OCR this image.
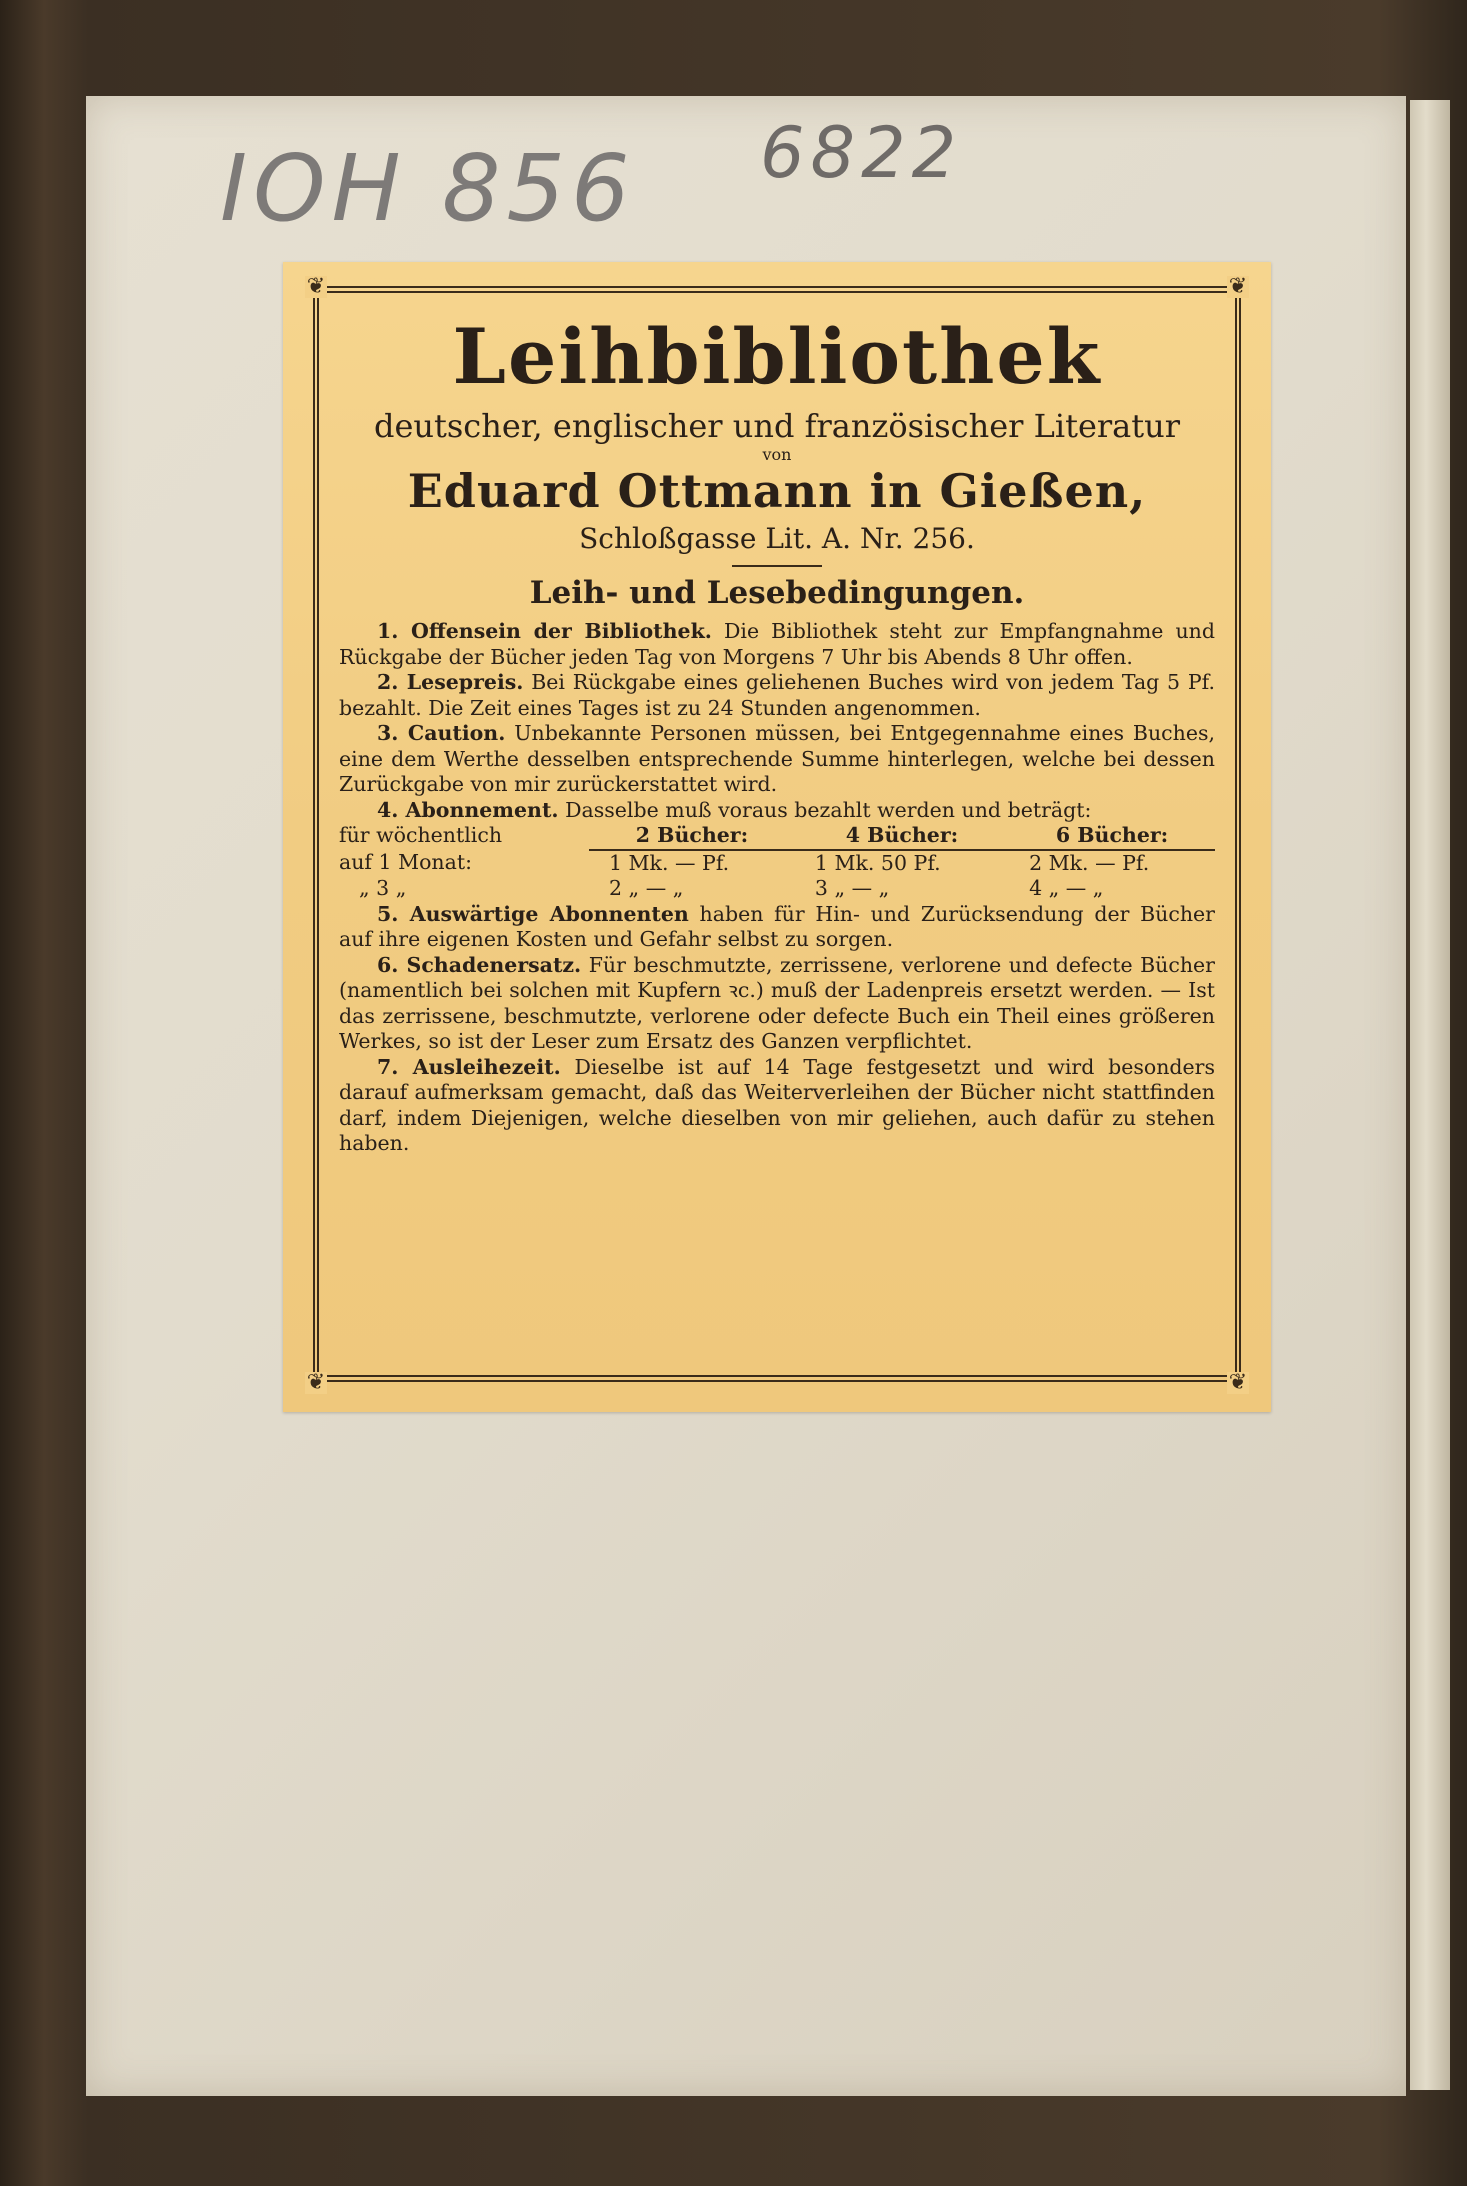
IOH 856 6822
❦	❦
❦	❦
Leihbibliothek
deutscher, englischer und französischer Literatur
von
Eduard Ottmann in Gießen,
Schloßgasse Lit. A. Nr. 256.
Leih- und Lesebedingungen.

1. Offensein der Bibliothek. Die Bibliothek steht zur Empfangnahme und Rückgabe der Bücher jeden Tag von Morgens 7 Uhr bis Abends 8 Uhr offen.

2. Lesepreis. Bei Rückgabe eines geliehenen Buches wird von jedem Tag 5 Pf. bezahlt. Die Zeit eines Tages ist zu 24 Stunden angenommen.

3. Caution. Unbekannte Personen müssen, bei Entgegennahme eines Buches, eine dem Werthe desselben entsprechende Summe hinterlegen, welche bei dessen Zurückgabe von mir zurückerstattet wird.

4. Abonnement. Dasselbe muß voraus bezahlt werden und beträgt:

für wöchentlich	2 Bücher:	4 Bücher:	6 Bücher:
auf 1 Monat:	1 Mk. — Pf.	1 Mk. 50 Pf.	2 Mk. — Pf.
„ 3 „	2 „ — „	3 „ — „	4 „ — „

5. Auswärtige Abonnenten haben für Hin- und Zurücksendung der Bücher auf ihre eigenen Kosten und Gefahr selbst zu sorgen.

6. Schadenersatz. Für beschmutzte, zerrissene, verlorene und defecte Bücher (namentlich bei solchen mit Kupfern ꝛc.) muß der Ladenpreis ersetzt werden. — Ist das zerrissene, beschmutzte, verlorene oder defecte Buch ein Theil eines größeren Werkes, so ist der Leser zum Ersatz des Ganzen verpflichtet.

7. Ausleihezeit. Dieselbe ist auf 14 Tage festgesetzt und wird besonders darauf aufmerksam gemacht, daß das Weiterverleihen der Bücher nicht stattfinden darf, indem Diejenigen, welche dieselben von mir geliehen, auch dafür zu stehen haben.
